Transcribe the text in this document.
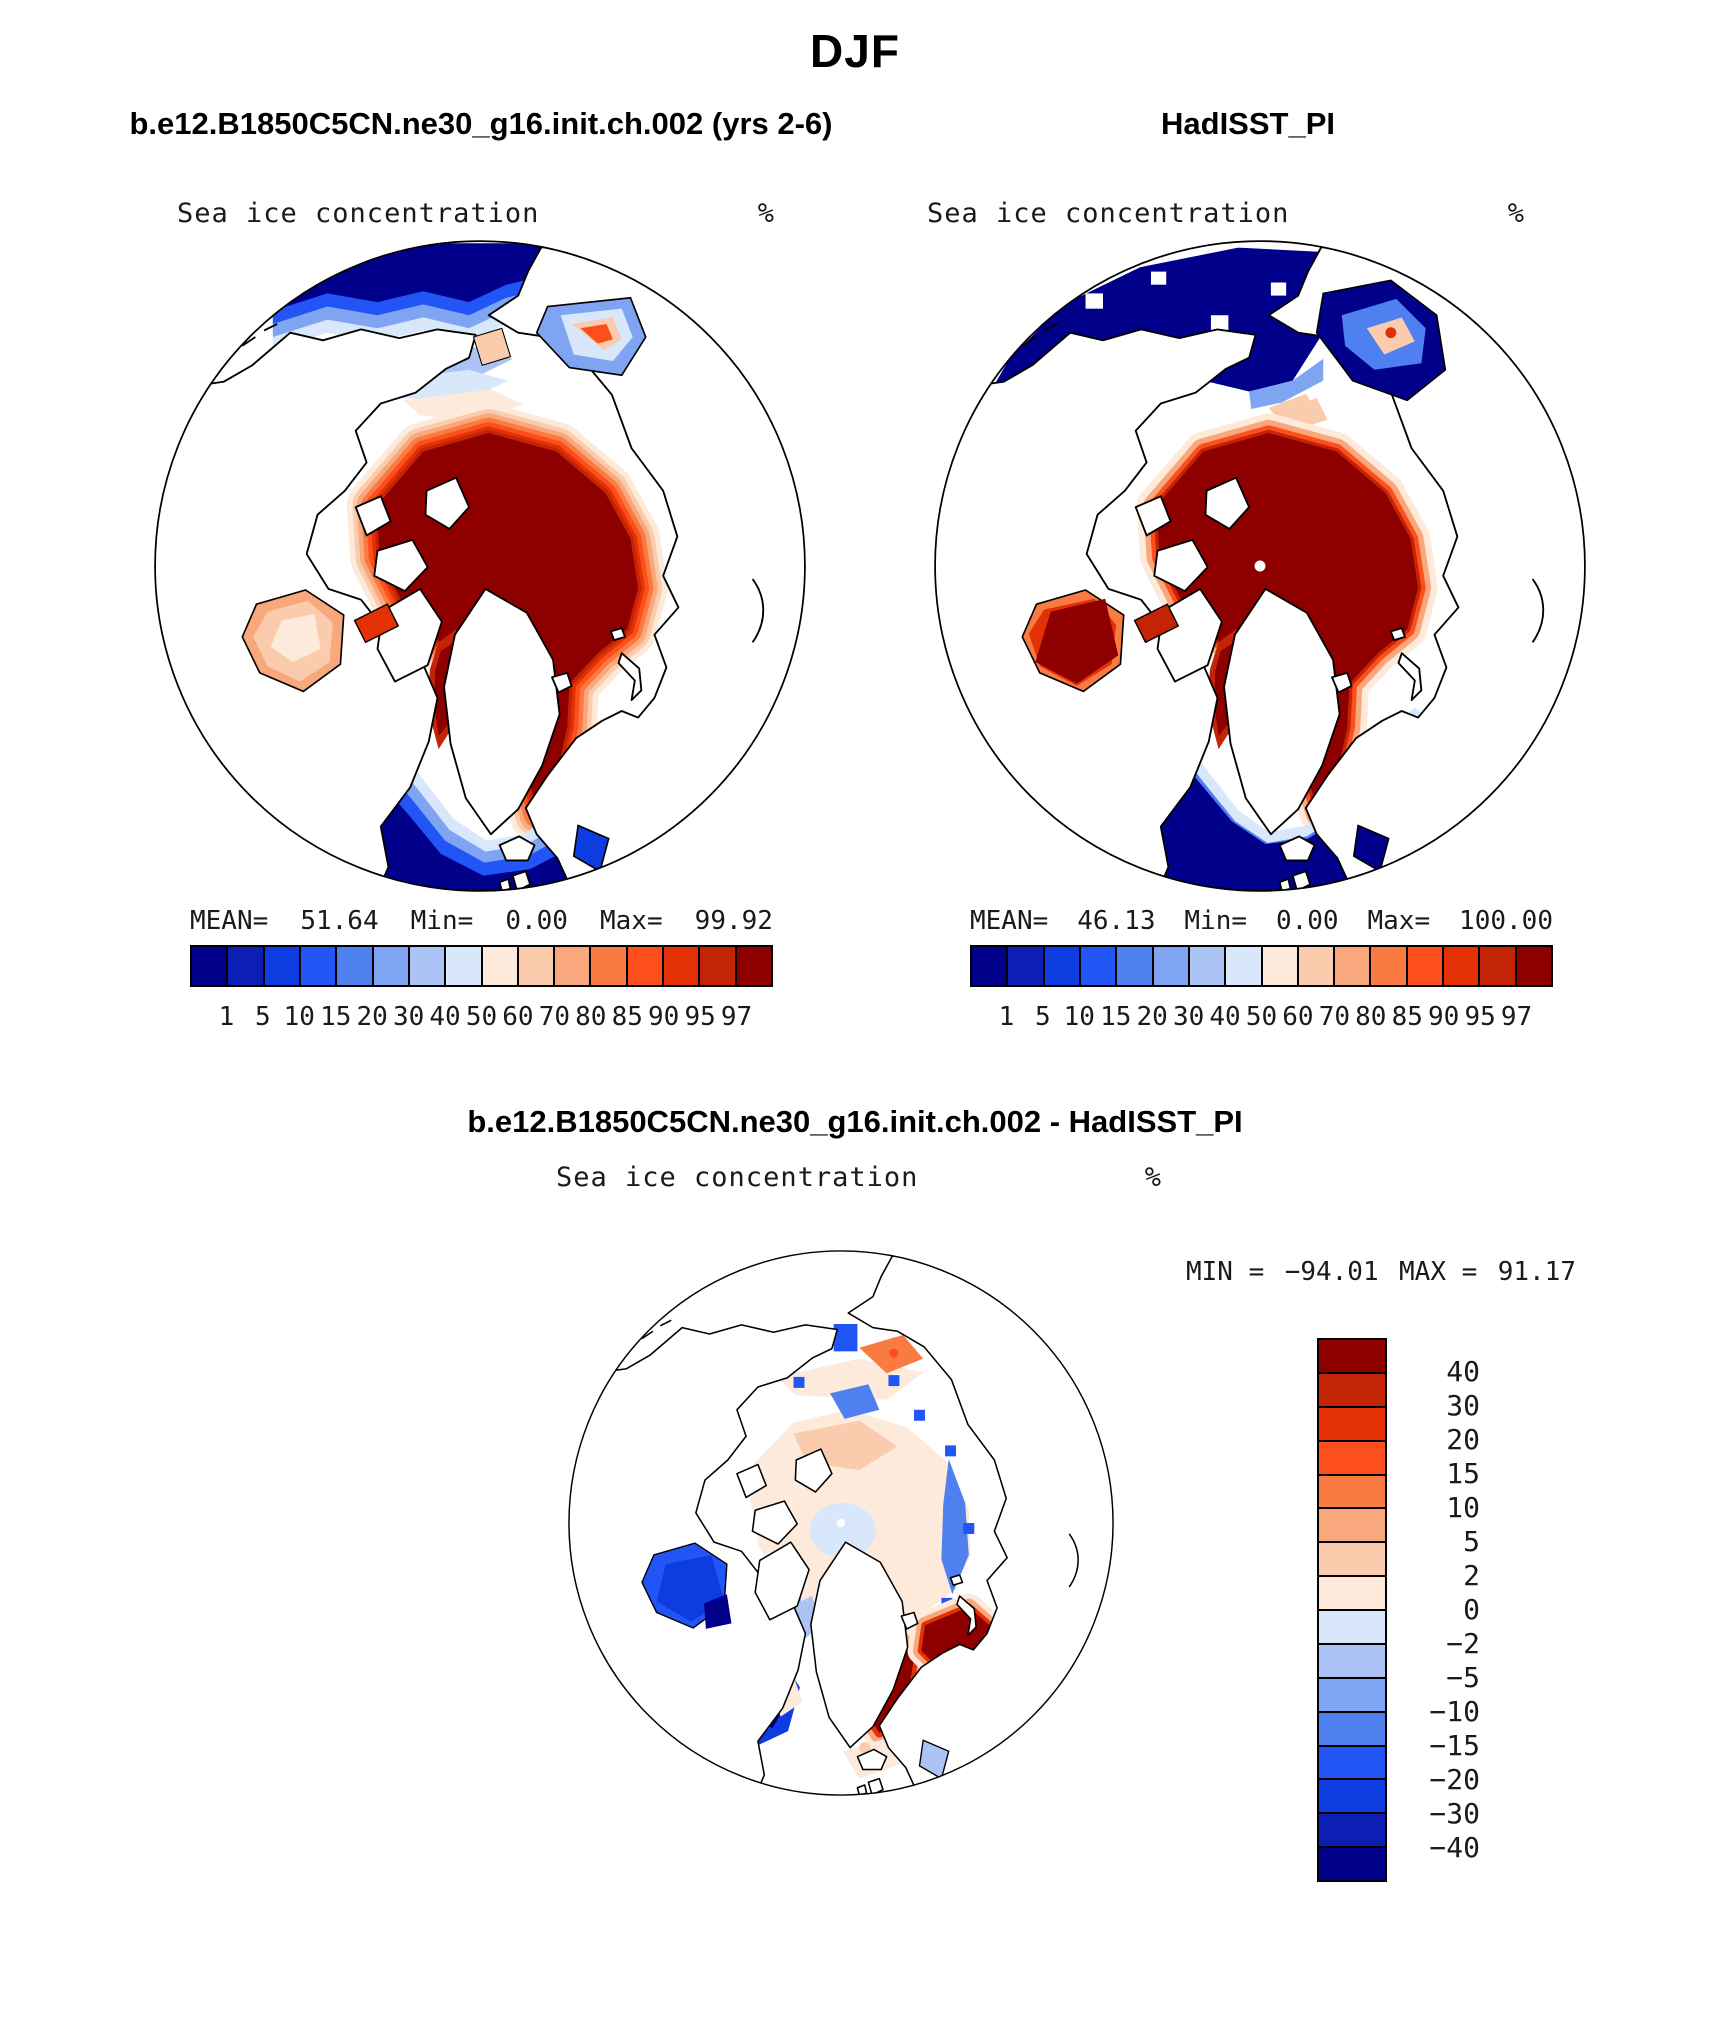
DJF
b.e12.B1850C5CN.ne30_g16.init.ch.002 (yrs 2-6)	HadISST_PI
Sea ice concentration	%	Sea ice concentration	%
MEAN= 51.64 Min= 0.00 Max= 99.92
1 5 10 15 20 30 40 50 60 70 80 85 90 95 97
MEAN= 46.13 Min= 0.00 Max= 100.00
1 5 10 15 20 30 40 50 60 70 80 85 90 95 97
b.e12.B1850C5CN.ne30_g16.init.ch.002 - HadISST_PI
Sea ice concentration	%
MIN = −94.01 MAX = 91.17
40
30
20
15
10
5
2
0
−2
−5
−10
−15
−20
−30
−40
